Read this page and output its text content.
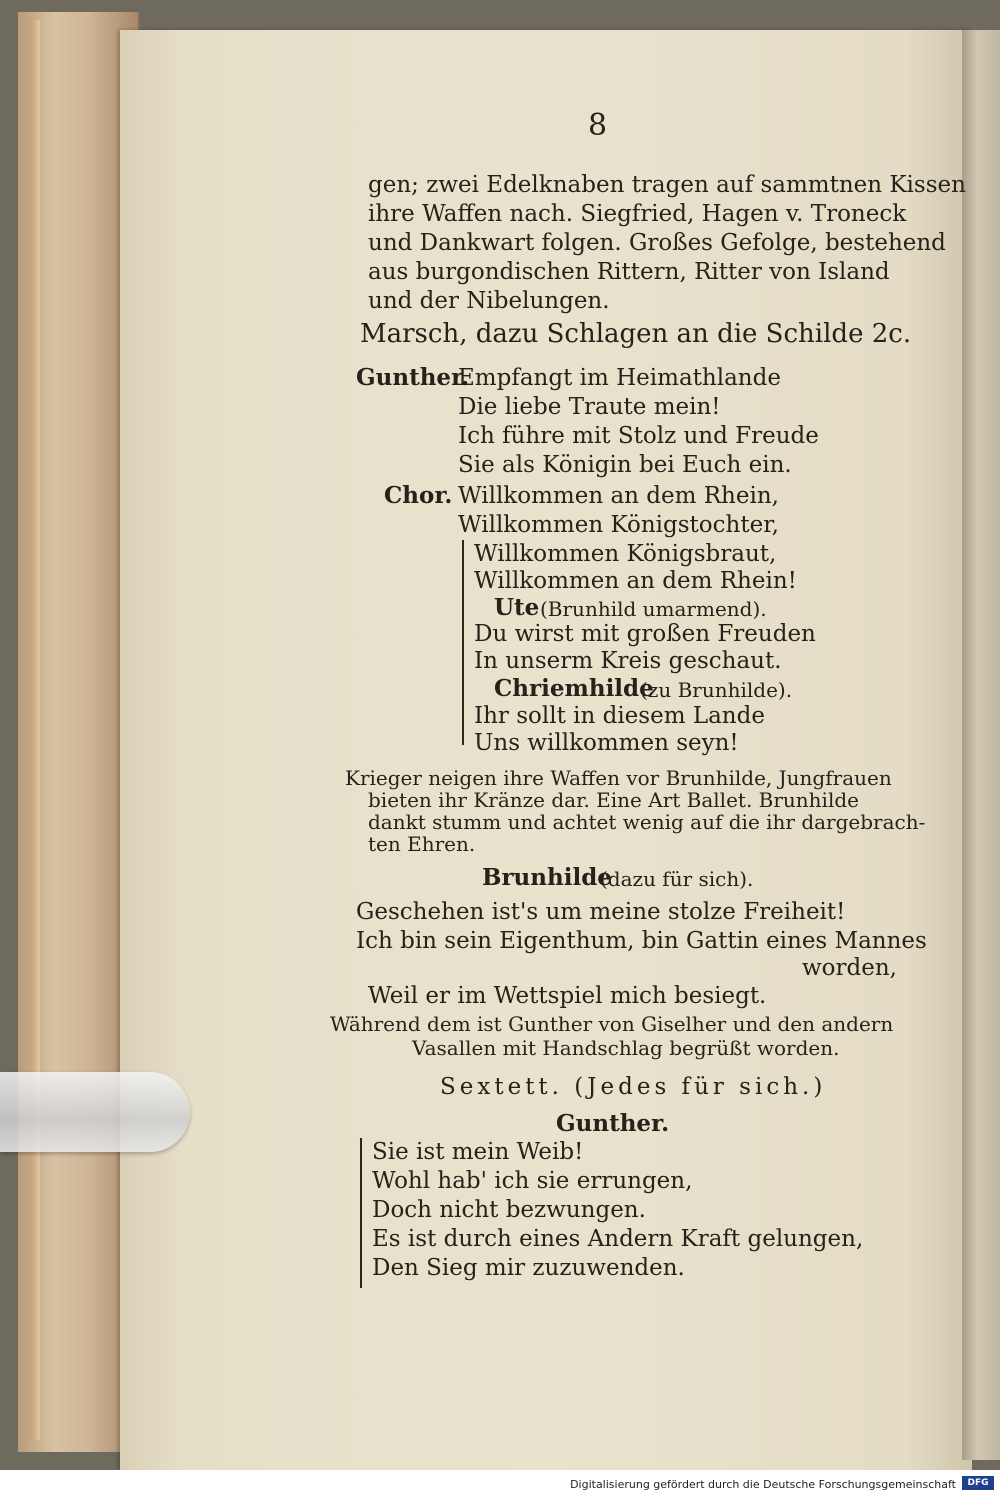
8
gen; zwei Edelknaben tragen auf sammtnen Kissen
ihre Waffen nach. Siegfried, Hagen v. Troneck
und Dankwart folgen. Großes Gefolge, bestehend
aus burgondischen Rittern, Ritter von Island
und der Nibelungen.
Marsch, dazu Schlagen an die Schilde 2c.
Gunther.
Empfangt im Heimathlande
Die liebe Traute mein!
Ich führe mit Stolz und Freude
Sie als Königin bei Euch ein.
Chor. Willkommen an dem Rhein,
Willkommen Königstochter,
Willkommen Königsbraut,
Willkommen an dem Rhein!
Ute (Brunhild umarmend).
Du wirst mit großen Freuden
In unserm Kreis geschaut.
Chriemhilde
(zu Brunhilde).
Ihr sollt in diesem Lande
Uns willkommen seyn!
Krieger neigen ihre Waffen vor Brunhilde, Jungfrauen
bieten ihr Kränze dar. Eine Art Ballet. Brunhilde
dankt stumm und achtet wenig auf die ihr dargebrach-
ten Ehren.
Brunhilde
(dazu für sich).
Geschehen ist's um meine stolze Freiheit!
Ich bin sein Eigenthum, bin Gattin eines Mannes
worden,
Weil er im Wettspiel mich besiegt.
Während dem ist Gunther von Giselher und den andern
Vasallen mit Handschlag begrüßt worden.
Sextett. (Jedes für sich.)
Gunther.
Sie ist mein Weib!
Wohl hab' ich sie errungen,
Doch nicht bezwungen.
Es ist durch eines Andern Kraft gelungen,
Den Sieg mir zuzuwenden.
Digitalisierung gefördert durch die Deutsche Forschungsgemeinschaft	DFG
